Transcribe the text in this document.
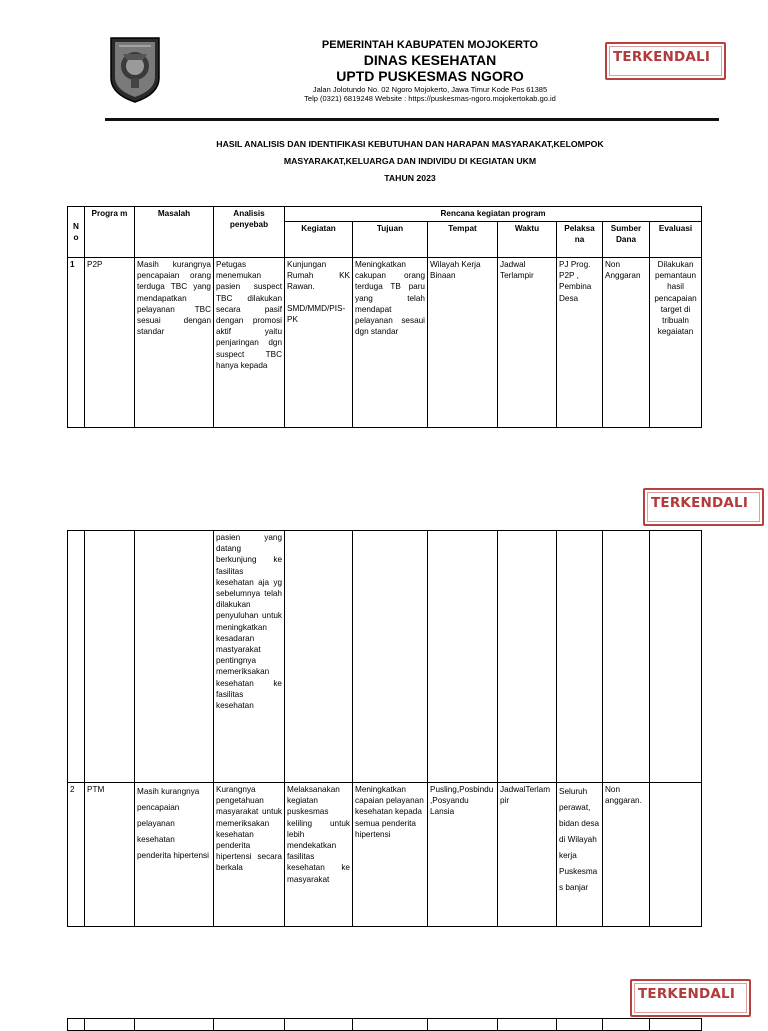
PEMERINTAH KABUPATEN MOJOKERTO
DINAS KESEHATAN
UPTD PUSKESMAS NGORO
Jalan Jolotundo No. 02 Ngoro Mojokerto, Jawa Timur Kode Pos 61385
Telp (0321) 6819248 Website : https://puskesmas-ngoro.mojokertokab.go.id
TERKENDALI
TERKENDALI
TERKENDALI
HASIL ANALISIS DAN IDENTIFIKASI KEBUTUHAN DAN HARAPAN MASYARAKAT,KELOMPOK
MASYARAKAT,KELUARGA DAN INDIVIDU DI KEGIATAN UKM
TAHUN 2023
N o	Progra m	Masalah	Analisis penyebab	Rencana kegiatan program						
				Kegiatan	Tujuan	Tempat	Waktu	Pelaksa na	Sumber Dana	Evaluasi
1	P2P	Masih kurangnya pencapaian orang terduga TBC yang mendapatkan pelayanan TBC sesuai dengan standar	Petugas menemukan pasien suspect TBC dilakukan secara pasif dengan promosi aktif yaitu penjaringan dgn suspect TBC hanya kepada	Kunjungan Rumah KK Rawan.
SMD/MMD/PIS-PK	Meningkatkan cakupan orang terduga TB paru yang telah mendapat pelayanan sesaui dgn standar	Wilayah Kerja Binaan	Jadwal Terlampir	PJ Prog. P2P , Pembina Desa	Non Anggaran	Dilakukan pemantaun hasil pencapaian target di tribualn kegaiatan
			pasien yang datang berkunjung ke fasilitas kesehatan aja yg sebelumnya telah dilakukan penyuluhan untuk meningkatkan kesadaran mastyarakat pentingnya memeriksakan kesehatan ke fasilitas kesehatan							
2	PTM	Masih kurangnya pencapaian pelayanan kesehatan penderita hipertensi	Kurangnya pengetahuan masyarakat untuk memeriksakan kesehatan penderita hipertensi secara berkala	Melaksanakan kegiatan puskesmas keliling untuk lebih mendekatkan fasilitas kesehatan ke masyarakat	Meningkatkan capaian pelayanan kesehatan kepada semua penderita hipertensi	Pusling,Posbindu,Posyandu Lansia	JadwalTerlampir	Seluruh perawat, bidan desa di Wilayah kerja Puskesmas banjar	Non anggaran.	
